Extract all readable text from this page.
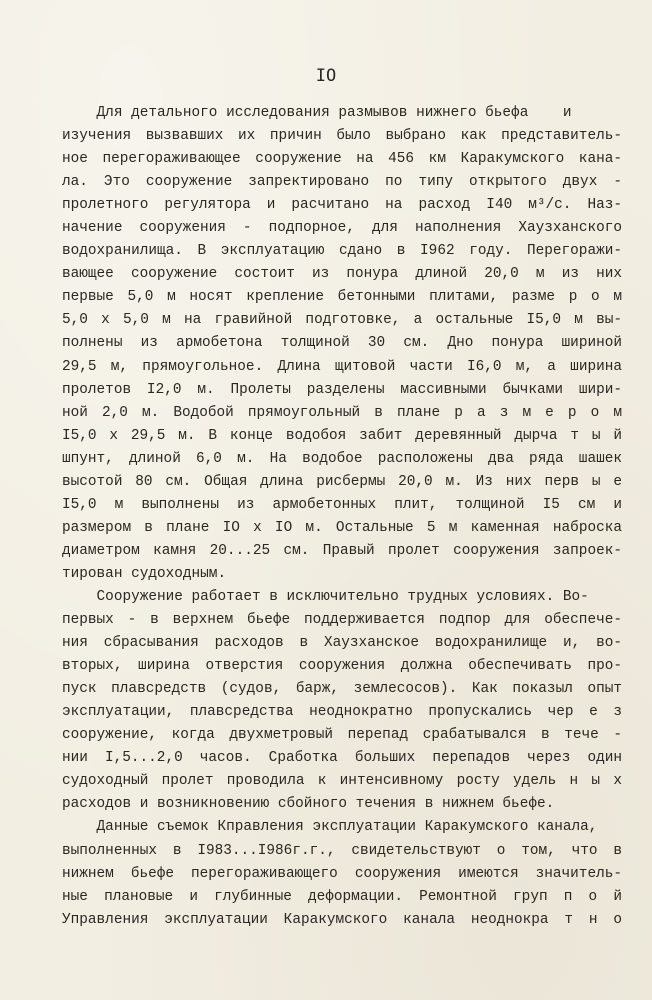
IO
Для детального исследования размывов нижнего бьефа    и
изучения вызвавших их причин было выбрано как представитель-
ное перегораживающее сооружение на 456 км Каракумского кана-
ла. Это сооружение запректировано по типу открытого двух -
пролетного регулятора и расчитано на расход I40 м³/с. Наз-
начение сооружения - подпорное, для наполнения Хаузханского
водохранилища. В эксплуатацию сдано в I962 году. Перегоражи-
вающее сооружение состоит из понура длиной 20,0 м из них
первые 5,0 м носят крепление бетонными плитами, разме р о м
5,0 х 5,0 м на гравийной подготовке, а остальные I5,0 м вы-
полнены из армобетона толщиной 30 см. Дно понура шириной
29,5 м, прямоугольное. Длина щитовой части I6,0 м, а ширина
пролетов I2,0 м. Пролеты разделены массивными бычками шири-
ной 2,0 м. Водобой прямоугольный в плане р а з м е р о м
I5,0 х 29,5 м. В конце водобоя забит деревянный дырча т ы й
шпунт, длиной 6,0 м. На водобое расположены два ряда шашек
высотой 80 см. Общая длина рисбермы 20,0 м. Из них перв ы е
I5,0 м выполнены из армобетонных плит, толщиной I5 см и
размером в плане IO х IO м. Остальные 5 м каменная наброска
диаметром камня 20...25 см. Правый пролет сооружения запроек-
тирован судоходным.
Сооружение работает в исключительно трудных условиях. Во-
первых - в верхнем бьефе поддерживается подпор для обеспече-
ния сбрасывания расходов в Хаузханское водохранилище и, во-
вторых, ширина отверстия сооружения должна обеспечивать про-
пуск плавсредств (судов, барж, землесосов). Как показыл опыт
эксплуатации, плавсредства неоднократно пропускались чер е з
сооружение, когда двухметровый перепад срабатывался в тече -
нии I,5...2,0 часов. Сработка больших перепадов через один
судоходный пролет проводила к интенсивному росту удель н ы х
расходов и возникновению сбойного течения в нижнем бьефе.
Данные съемок Кправления эксплуатации Каракумского канала,
выполненных в I983...I986г.г., свидетельствуют о том, что в
нижнем бьефе перегораживающего сооружения имеются значитель-
ные плановые и глубинные деформации. Ремонтной груп п о й
Управления эксплуатации Каракумского канала неоднокра т н о
